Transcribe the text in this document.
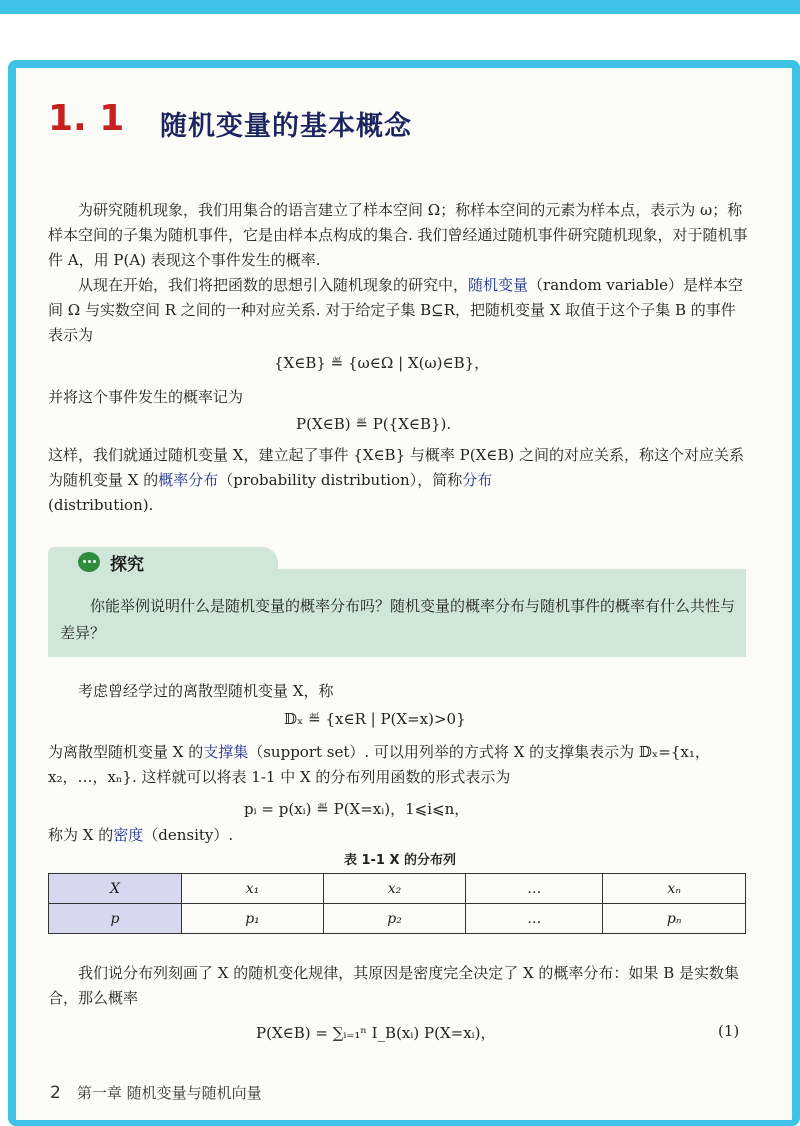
1. 1 随机变量的基本概念
为研究随机现象，我们用集合的语言建立了样本空间 Ω；称样本空间的元素为样本点，表示为 ω；称样本空间的子集为随机事件，它是由样本点构成的集合. 我们曾经通过随机事件研究随机现象，对于随机事件 A，用 P(A) 表现这个事件发生的概率.
从现在开始，我们将把函数的思想引入随机现象的研究中，随机变量（random variable）是样本空间 Ω 与实数空间 R 之间的一种对应关系. 对于给定子集 B⊆R，把随机变量 X 取值于这个子集 B 的事件表示为
{X∈B} ≝ {ω∈Ω | X(ω)∈B}，
并将这个事件发生的概率记为
P(X∈B) ≝ P({X∈B}).
这样，我们就通过随机变量 X，建立起了事件 {X∈B} 与概率 P(X∈B) 之间的对应关系，称这个对应关系为随机变量 X 的概率分布（probability distribution），简称分布
(distribution).
探究
你能举例说明什么是随机变量的概率分布吗？随机变量的概率分布与随机事件的概率有什么共性与差异？
考虑曾经学过的离散型随机变量 X，称
𝔻ₓ ≝ {x∈R | P(X=x)>0}
为离散型随机变量 X 的支撑集（support set）. 可以用列举的方式将 X 的支撑集表示为 𝔻ₓ={x₁，x₂，…，xₙ}. 这样就可以将表 1-1 中 X 的分布列用函数的形式表示为
pᵢ = p(xᵢ) ≝ P(X=xᵢ)，1⩽i⩽n，
称为 X 的密度（density）.
表 1-1 X 的分布列
X	x₁	x₂	…	xₙ
p	p₁	p₂	…	pₙ
我们说分布列刻画了 X 的随机变化规律，其原因是密度完全决定了 X 的概率分布：如果 B 是实数集合，那么概率
P(X∈B) = ∑ᵢ₌₁ⁿ I_B(xᵢ) P(X=xᵢ)，	(1)
2 第一章 随机变量与随机向量
